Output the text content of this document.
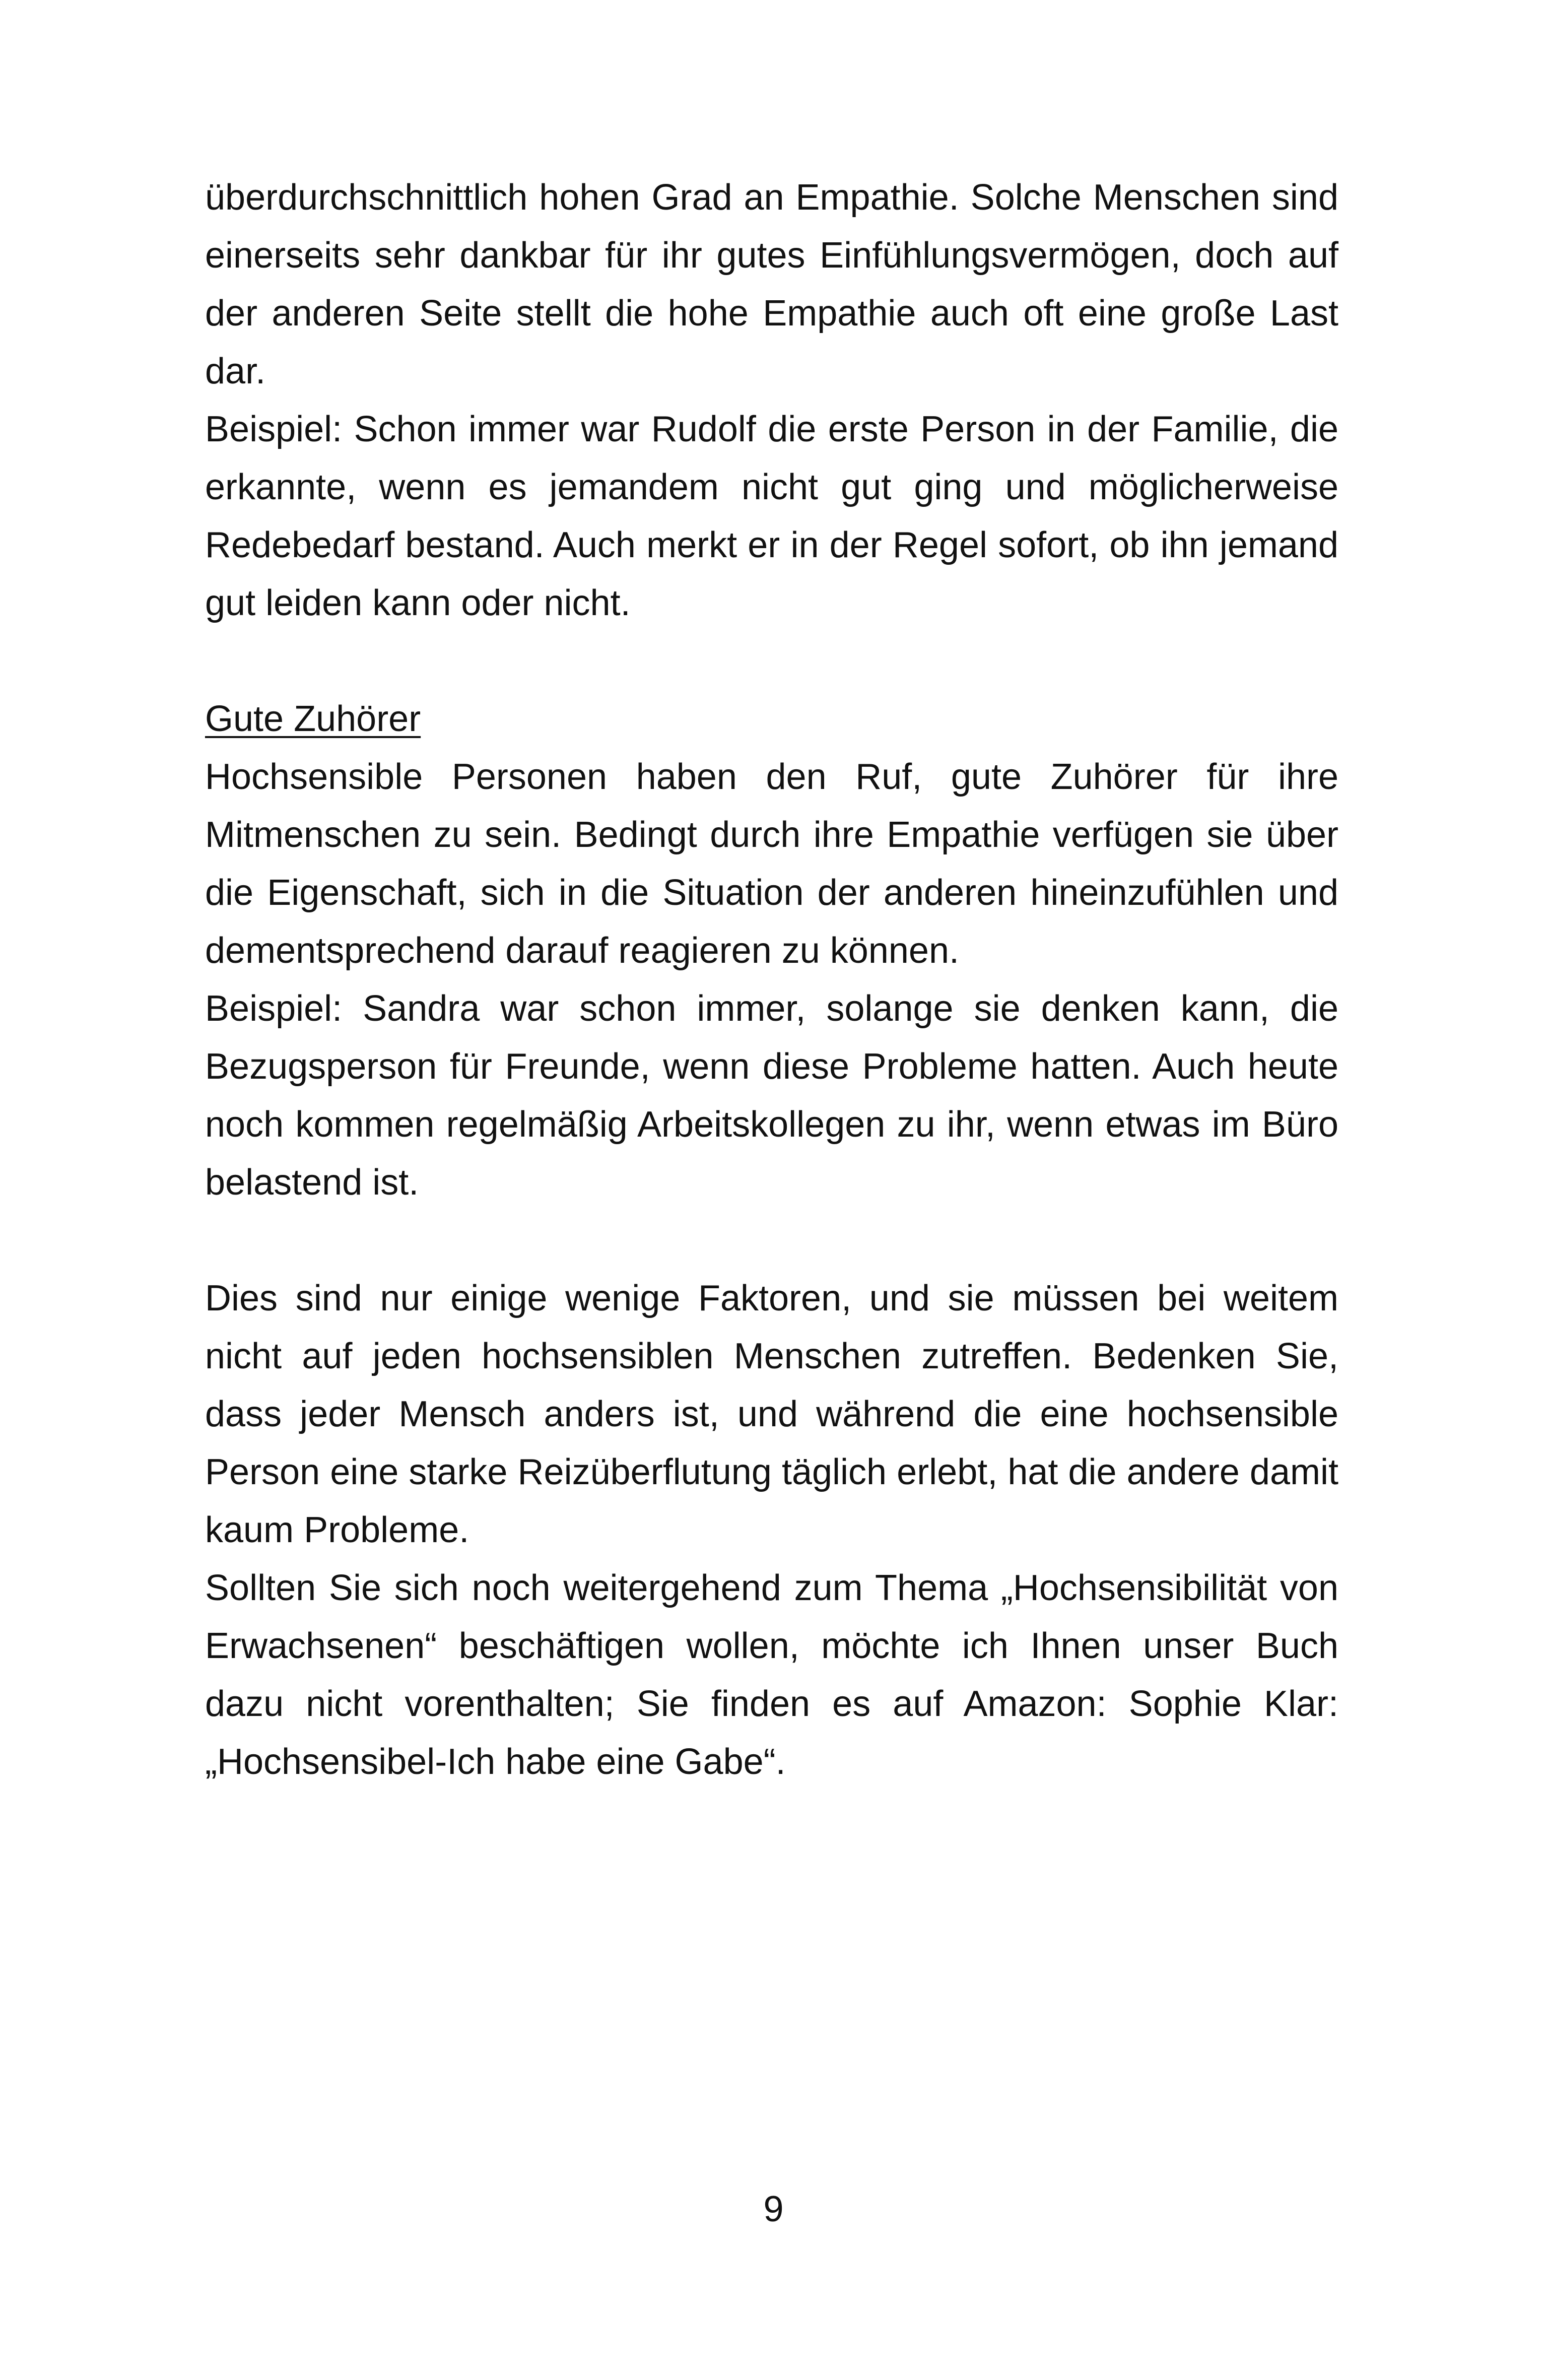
überdurchschnittlich hohen Grad an Empathie. Solche Menschen sind einerseits sehr dankbar für ihr gutes Einfühlungsvermögen, doch auf der anderen Seite stellt die hohe Empathie auch oft eine große Last dar.

Beispiel: Schon immer war Rudolf die erste Person in der Familie, die erkannte, wenn es jemandem nicht gut ging und möglicherweise Redebedarf bestand. Auch merkt er in der Regel sofort, ob ihn jemand gut leiden kann oder nicht.

Gute Zuhörer

Hochsensible Personen haben den Ruf, gute Zuhörer für ihre Mitmenschen zu sein. Bedingt durch ihre Empathie verfügen sie über die Eigenschaft, sich in die Situation der anderen hineinzufühlen und dementsprechend darauf reagieren zu können.

Beispiel: Sandra war schon immer, solange sie denken kann, die Bezugsperson für Freunde, wenn diese Probleme hatten. Auch heute noch kommen regelmäßig Arbeitskollegen zu ihr, wenn etwas im Büro belastend ist.

Dies sind nur einige wenige Faktoren, und sie müssen bei weitem nicht auf jeden hochsensiblen Menschen zutreffen. Bedenken Sie, dass jeder Mensch anders ist, und während die eine hochsensible Person eine starke Reizüberflutung täglich erlebt, hat die andere damit kaum Probleme.

Sollten Sie sich noch weitergehend zum Thema „Hochsensibilität von Erwachsenen“ beschäftigen wollen, möchte ich Ihnen unser Buch dazu nicht vorenthalten; Sie finden es auf Amazon: Sophie Klar: „Hochsensibel-Ich habe eine Gabe“.

9
